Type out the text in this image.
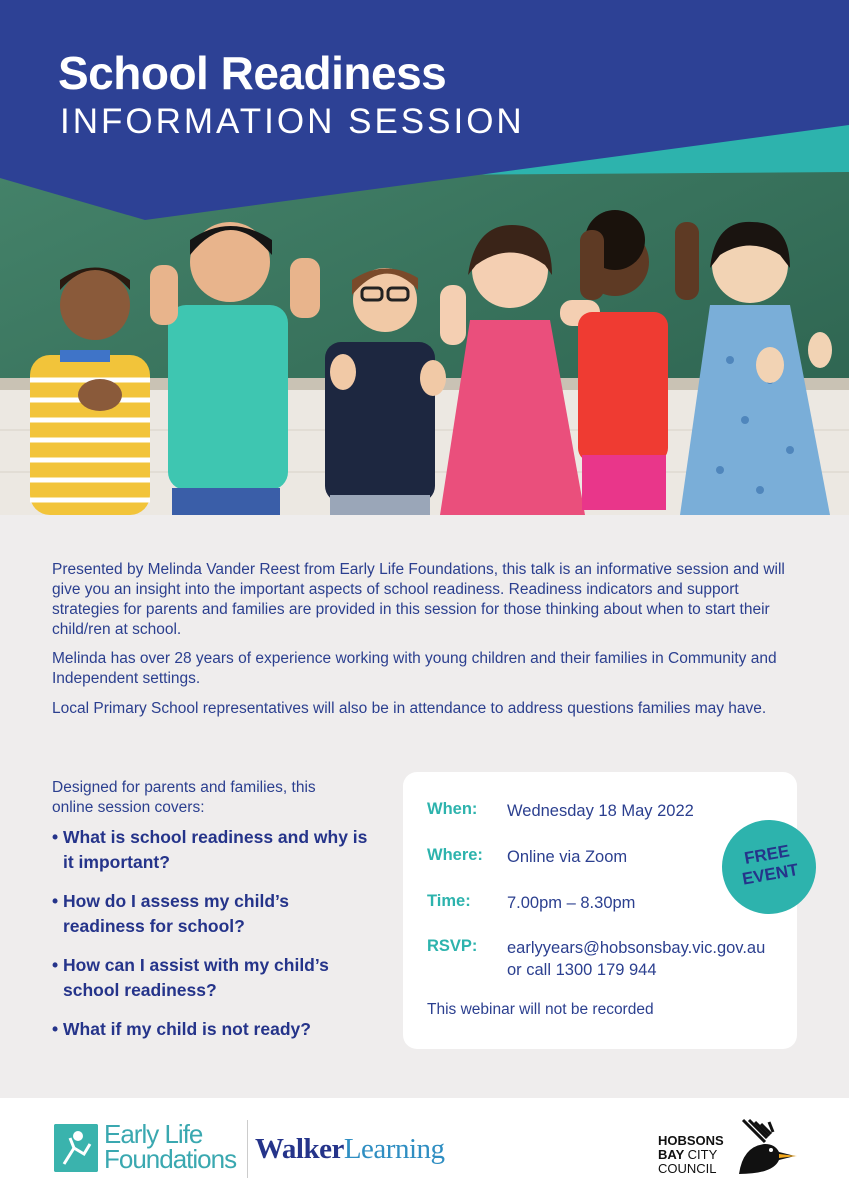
School Readiness
INFORMATION SESSION

Presented by Melinda Vander Reest from Early Life Foundations, this talk is an informative session and will give you an insight into the important aspects of school readiness. Readiness indicators and support strategies for parents and families are provided in this session for those thinking about when to start their child/ren at school.

Melinda has over 28 years of experience working with young children and their families in Community and Independent settings.

Local Primary School representatives will also be in attendance to address questions families may have.

Designed for parents and families, this online session covers:
• What is school readiness and why is it important?
• How do I assess my child’s readiness for school?
• How can I assist with my child’s school readiness?
• What if my child is not ready?
When:	Wednesday 18 May 2022
Where:	Online via Zoom
Time:	7.00pm – 8.30pm
RSVP:	earlyyears@hobsonsbay.vic.gov.au
or call 1300 179 944
This webinar will not be recorded
FREE
EVENT
Early Life
Foundations WalkerLearning	HOBSONS
BAY CITY
COUNCIL
